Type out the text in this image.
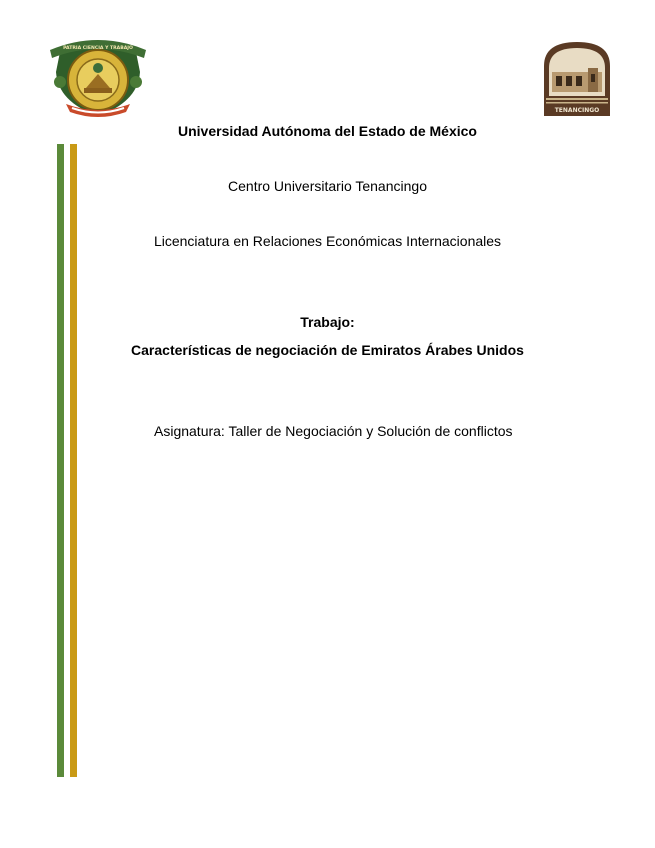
PATRIA CIENCIA Y TRABAJO
TENANCINGO
Universidad Autónoma del Estado de México
Centro Universitario Tenancingo
Licenciatura en Relaciones Económicas Internacionales
Trabajo:
Características de negociación de Emiratos Árabes Unidos
Asignatura: Taller de Negociación y Solución de conflictos
